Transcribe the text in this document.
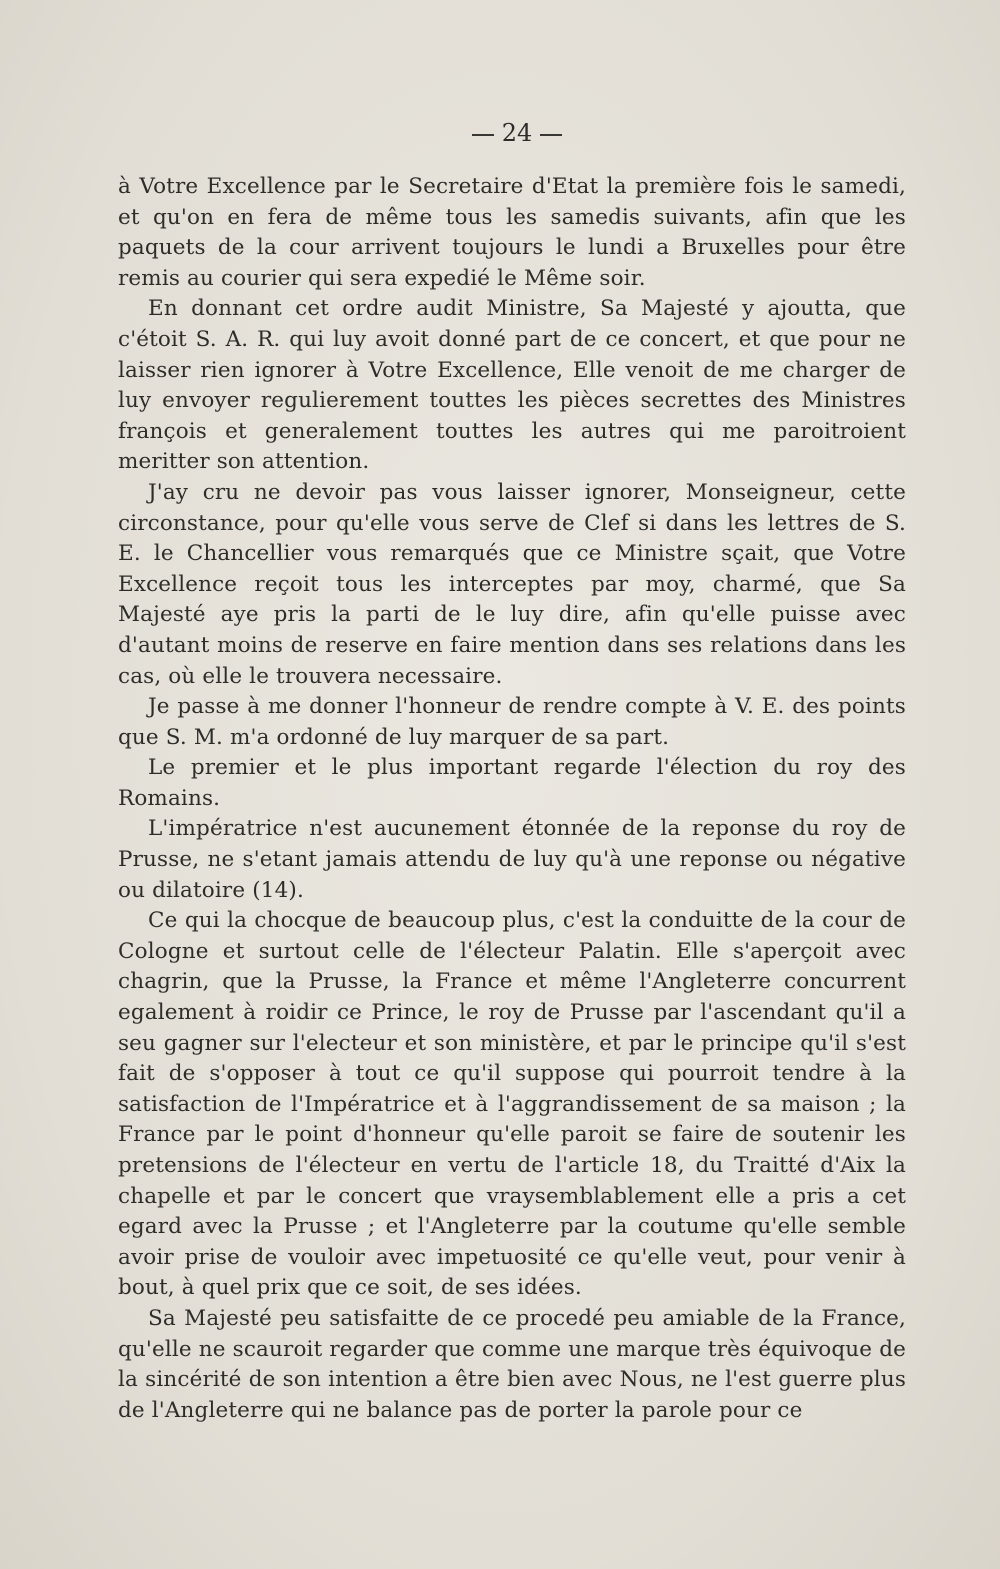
24

à Votre Excellence par le Secretaire d'Etat la première fois le samedi, et qu'on en fera de même tous les samedis suivants, afin que les paquets de la cour arrivent toujours le lundi a Bruxelles pour être remis au courier qui sera expedié le Même soir.

En donnant cet ordre audit Ministre, Sa Majesté y ajoutta, que c'étoit S. A. R. qui luy avoit donné part de ce concert, et que pour ne laisser rien ignorer à Votre Excellence, Elle venoit de me charger de luy envoyer regulierement touttes les pièces secrettes des Ministres françois et generalement touttes les autres qui me paroitroient meritter son attention.

J'ay cru ne devoir pas vous laisser ignorer, Monseigneur, cette circonstance, pour qu'elle vous serve de Clef si dans les lettres de S. E. le Chancellier vous remarqués que ce Ministre sçait, que Votre Excellence reçoit tous les interceptes par moy, charmé, que Sa Majesté aye pris la parti de le luy dire, afin qu'elle puisse avec d'autant moins de reserve en faire mention dans ses relations dans les cas, où elle le trouvera necessaire.

Je passe à me donner l'honneur de rendre compte à V. E. des points que S. M. m'a ordonné de luy marquer de sa part.

Le premier et le plus important regarde l'élection du roy des Romains.

L'impératrice n'est aucunement étonnée de la reponse du roy de Prusse, ne s'etant jamais attendu de luy qu'à une reponse ou négative ou dilatoire (14).

Ce qui la chocque de beaucoup plus, c'est la conduitte de la cour de Cologne et surtout celle de l'électeur Palatin. Elle s'aperçoit avec chagrin, que la Prusse, la France et même l'Angleterre concurrent egalement à roidir ce Prince, le roy de Prusse par l'ascendant qu'il a seu gagner sur l'electeur et son ministère, et par le principe qu'il s'est fait de s'opposer à tout ce qu'il suppose qui pourroit tendre à la satisfaction de l'Impératrice et à l'aggrandissement de sa maison ; la France par le point d'honneur qu'elle paroit se faire de soutenir les pretensions de l'électeur en vertu de l'article 18, du Traitté d'Aix la chapelle et par le concert que vraysemblablement elle a pris a cet egard avec la Prusse ; et l'Angleterre par la coutume qu'elle semble avoir prise de vouloir avec impetuosité ce qu'elle veut, pour venir à bout, à quel prix que ce soit, de ses idées.

Sa Majesté peu satisfaitte de ce procedé peu amiable de la France, qu'elle ne scauroit regarder que comme une marque très équivoque de la sincérité de son intention a être bien avec Nous, ne l'est guerre plus de l'Angleterre qui ne balance pas de porter la parole pour ce
